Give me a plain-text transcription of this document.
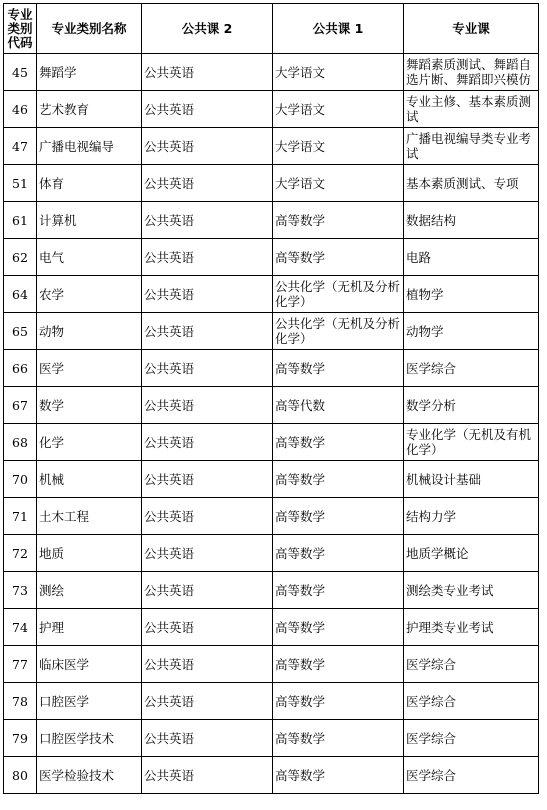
专业类别代码	专业类别名称	公共课 2	公共课 1	专业课
45	舞蹈学	公共英语	大学语文	舞蹈素质测试、舞蹈自选片断、舞蹈即兴模仿
46	艺术教育	公共英语	大学语文	专业主修、基本素质测试
47	广播电视编导	公共英语	大学语文	广播电视编导类专业考试
51	体育	公共英语	大学语文	基本素质测试、专项
61	计算机	公共英语	高等数学	数据结构
62	电气	公共英语	高等数学	电路
64	农学	公共英语	公共化学（无机及分析化学）	植物学
65	动物	公共英语	公共化学（无机及分析化学）	动物学
66	医学	公共英语	高等数学	医学综合
67	数学	公共英语	高等代数	数学分析
68	化学	公共英语	高等数学	专业化学（无机及有机化学）
70	机械	公共英语	高等数学	机械设计基础
71	土木工程	公共英语	高等数学	结构力学
72	地质	公共英语	高等数学	地质学概论
73	测绘	公共英语	高等数学	测绘类专业考试
74	护理	公共英语	高等数学	护理类专业考试
77	临床医学	公共英语	高等数学	医学综合
78	口腔医学	公共英语	高等数学	医学综合
79	口腔医学技术	公共英语	高等数学	医学综合
80	医学检验技术	公共英语	高等数学	医学综合
